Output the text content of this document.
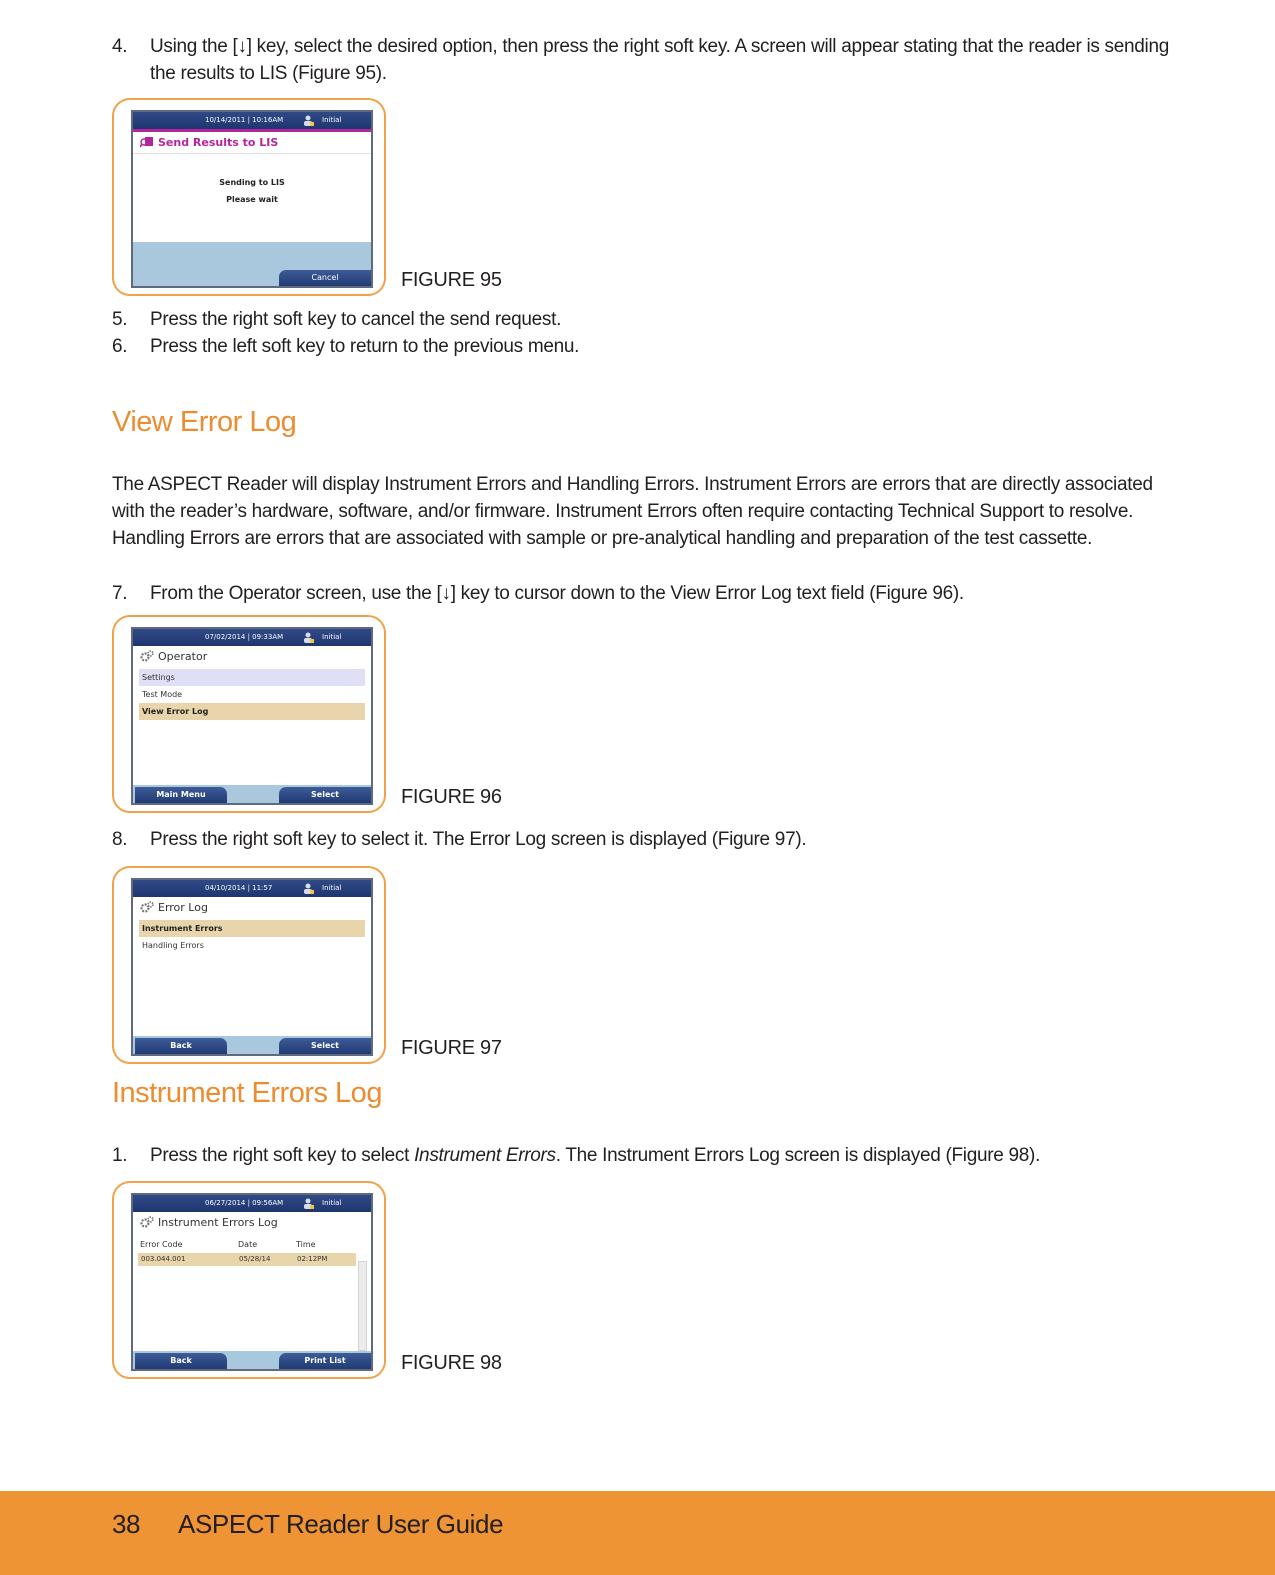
4.	Using the [↓] key, select the desired option, then press the right soft key. A screen will appear stating that the reader is sending the results to LIS (Figure 95).
10/14/2011 | 10:16AM	Initial
Send Results to LIS
Sending to LIS
Please wait
Cancel	FIGURE 95
5.	Press the right soft key to cancel the send request.
6.	Press the left soft key to return to the previous menu.
View Error Log
The ASPECT Reader will display Instrument Errors and Handling Errors. Instrument Errors are errors that are directly associated with the reader’s hardware, software, and/or firmware. Instrument Errors often require contacting Technical Support to resolve. Handling Errors are errors that are associated with sample or pre-analytical handling and preparation of the test cassette.
7.	From the Operator screen, use the [↓] key to cursor down to the View Error Log text field (Figure 96).
07/02/2014 | 09:33AM	Initial
Operator
Settings
Test Mode
View Error Log
Main Menu	Select	FIGURE 96
8.	Press the right soft key to select it. The Error Log screen is displayed (Figure 97).
04/10/2014 | 11:57	Initial
Error Log
Instrument Errors
Handling Errors
Back	Select	FIGURE 97
Instrument Errors Log
1.	Press the right soft key to select Instrument Errors. The Instrument Errors Log screen is displayed (Figure 98).
06/27/2014 | 09:56AM	Initial
Instrument Errors Log
Error Code	Date	Time
003.044.001	05/28/14	02:12PM
Back	Print List	FIGURE 98
38 ASPECT Reader User Guide
